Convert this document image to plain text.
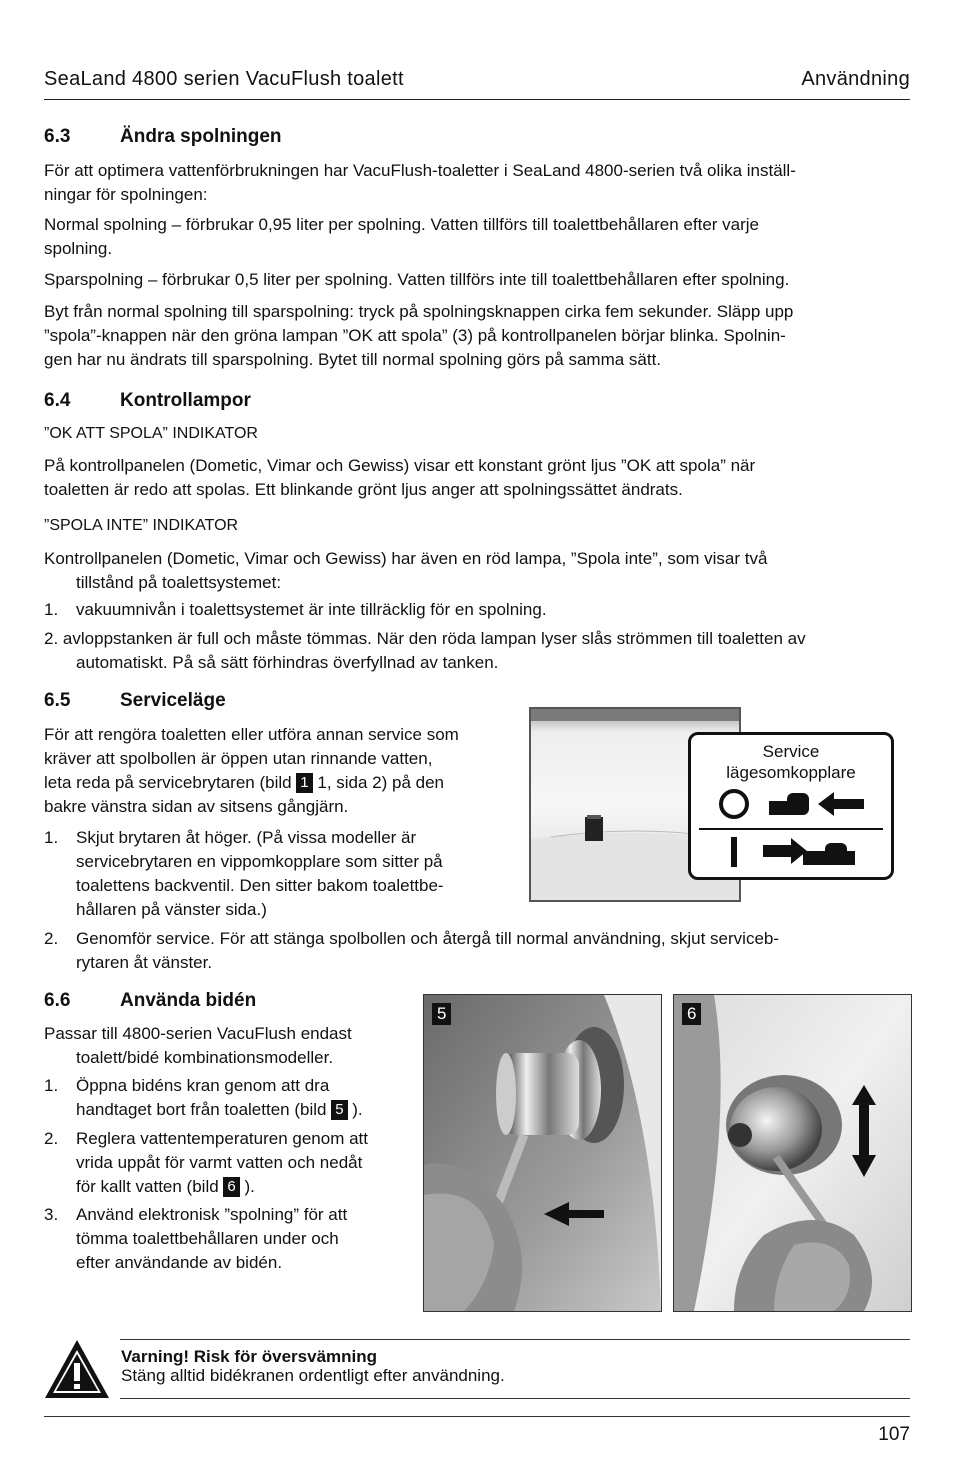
SeaLand 4800 serien VacuFlush toalett	Användning
6.3	Ändra spolningen

För att optimera vattenförbrukningen har VacuFlush-toaletter i SeaLand 4800-serien två olika inställ-
ningar för spolningen:

Normal spolning – förbrukar 0,95 liter per spolning. Vatten tillförs till toalettbehållaren efter varje
spolning.

Sparspolning – förbrukar 0,5 liter per spolning. Vatten tillförs inte till toalettbehållaren efter spolning.

Byt från normal spolning till sparspolning: tryck på spolningsknappen cirka fem sekunder. Släpp upp
”spola”-knappen när den gröna lampan ”OK att spola” (3) på kontrollpanelen börjar blinka. Spolnin-
gen har nu ändrats till sparspolning. Bytet till normal spolning görs på samma sätt.

6.4	Kontrollampor
”OK ATT SPOLA” INDIKATOR

På kontrollpanelen (Dometic, Vimar och Gewiss) visar ett konstant grönt ljus ”OK att spola” när
toaletten är redo att spolas. Ett blinkande grönt ljus anger att spolningssättet ändrats.

”SPOLA INTE” INDIKATOR

Kontrollpanelen (Dometic, Vimar och Gewiss) har även en röd lampa, ”Spola inte”, som visar två
tillstånd på toalettsystemet:

1. vakuumnivån i toalettsystemet är inte tillräcklig för en spolning.

2. avloppstanken är full och måste tömmas. När den röda lampan lyser slås strömmen till toaletten av
automatiskt. På så sätt förhindras överfyllnad av tanken.

6.5	Serviceläge

För att rengöra toaletten eller utföra annan service som
kräver att spolbollen är öppen utan rinnande vatten,
leta reda på servicebrytaren (bild 1 1, sida 2) på den
bakre vänstra sidan av sitsens gångjärn.

1. Skjut brytaren åt höger. (På vissa modeller är
servicebrytaren en vippomkopplare som sitter på
toalettens backventil. Den sitter bakom toalettbe-
hållaren på vänster sida.)
2. Genomför service. För att stänga spolbollen och återgå till normal användning, skjut serviceb-
rytaren åt vänster.
Service
lägesomkopplare
6.6	Använda bidén

Passar till 4800-serien VacuFlush endast
toalett/bidé kombinationsmodeller.

1. Öppna bidéns kran genom att dra
handtaget bort från toaletten (bild 5 ).
2. Reglera vattentemperaturen genom att
vrida uppåt för varmt vatten och nedåt
för kallt vatten (bild 6 ).
3. Använd elektronisk ”spolning” för att
tömma toalettbehållaren under och
efter användande av bidén.
5	6
Varning! Risk för översvämning
Stäng alltid bidékranen ordentligt efter användning.
107
